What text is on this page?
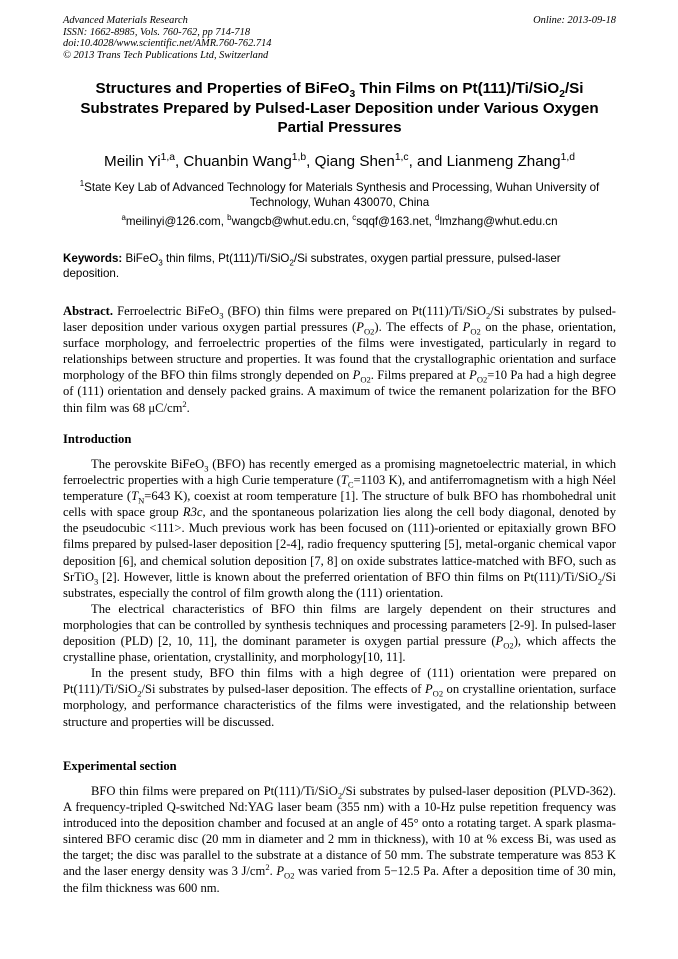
Advanced Materials Research
ISSN: 1662-8985, Vols. 760-762, pp 714-718
doi:10.4028/www.scientific.net/AMR.760-762.714
© 2013 Trans Tech Publications Ltd, Switzerland
Online: 2013-09-18
Structures and Properties of BiFeO$_3$ Thin Films on Pt(111)/Ti/SiO$_2$/Si Substrates Prepared by Pulsed-Laser Deposition under Various Oxygen Partial Pressures
Meilin Yi$^{1,a}$, Chuanbin Wang$^{1,b}$, Qiang Shen$^{1,c}$, and Lianmeng Zhang$^{1,d}$
$^1$State Key Lab of Advanced Technology for Materials Synthesis and Processing, Wuhan University of Technology, Wuhan 430070, China
$^a$meilinyi@126.com, $^b$wangcb@whut.edu.cn, $^c$sqqf@163.net, $^d$lmzhang@whut.edu.cn
Keywords: BiFeO$_3$ thin films, Pt(111)/Ti/SiO$_2$/Si substrates, oxygen partial pressure, pulsed-laser deposition.

Abstract. Ferroelectric BiFeO$_3$ (BFO) thin films were prepared on Pt(111)/Ti/SiO$_2$/Si substrates by pulsed-laser deposition under various oxygen partial pressures $(P_{O2})$. The effects of $P_{O2}$ on the phase, orientation, surface morphology, and ferroelectric properties of the films were investigated, particularly in regard to relationships between structure and properties. It was found that the crystallographic orientation and surface morphology of the BFO thin films strongly depended on $P_{O2}$. Films prepared at $P_{O2}=10$ Pa had a high degree of (111) orientation and densely packed grains. A maximum of twice the remanent polarization for the BFO thin film was 68 $\mu C/cm^2$.

Introduction

The perovskite BiFeO$_3$ (BFO) has recently emerged as a promising magnetoelectric material, in which ferroelectric properties with a high Curie temperature ($T_C=1103$ K), and antiferromagnetism with a high Néel temperature ($T_N=643$ K), coexist at room temperature [1]. The structure of bulk BFO has rhombohedral unit cells with space group R3c, and the spontaneous polarization lies along the cell body diagonal, denoted by the pseudocubic <111>. Much previous work has been focused on (111)-oriented or epitaxially grown BFO films prepared by pulsed-laser deposition [2-4], radio frequency sputtering [5], metal-organic chemical vapor deposition [6], and chemical solution deposition [7, 8] on oxide substrates lattice-matched with BFO, such as SrTiO$_3$ [2]. However, little is known about the preferred orientation of BFO thin films on Pt(111)/Ti/SiO$_2$/Si substrates, especially the control of film growth along the (111) orientation.

The electrical characteristics of BFO thin films are largely dependent on their structures and morphologies that can be controlled by synthesis techniques and processing parameters [2-9]. In pulsed-laser deposition (PLD) [2, 10, 11], the dominant parameter is oxygen partial pressure $(P_{O2})$, which affects the crystalline phase, orientation, crystallinity, and morphology[10, 11].

In the present study, BFO thin films with a high degree of (111) orientation were prepared on Pt(111)/Ti/SiO$_2$/Si substrates by pulsed-laser deposition. The effects of $P_{O2}$ on crystalline orientation, surface morphology, and performance characteristics of the films were investigated, and the relationship between structure and properties will be discussed.

Experimental section

BFO thin films were prepared on Pt(111)/Ti/SiO$_2$/Si substrates by pulsed-laser deposition (PLVD-362). A frequency-tripled Q-switched Nd:YAG laser beam (355 nm) with a 10-Hz pulse repetition frequency was introduced into the deposition chamber and focused at an angle of 45° onto a rotating target. A spark plasma-sintered BFO ceramic disc (20 mm in diameter and 2 mm in thickness), with 10 at % excess Bi, was used as the target; the disc was parallel to the substrate at a distance of 50 mm. The substrate temperature was 853 K and the laser energy density was 3 $J/cm^2$. $P_{O2}$ was varied from 5−12.5 Pa. After a deposition time of 30 min, the film thickness was 600 nm.
